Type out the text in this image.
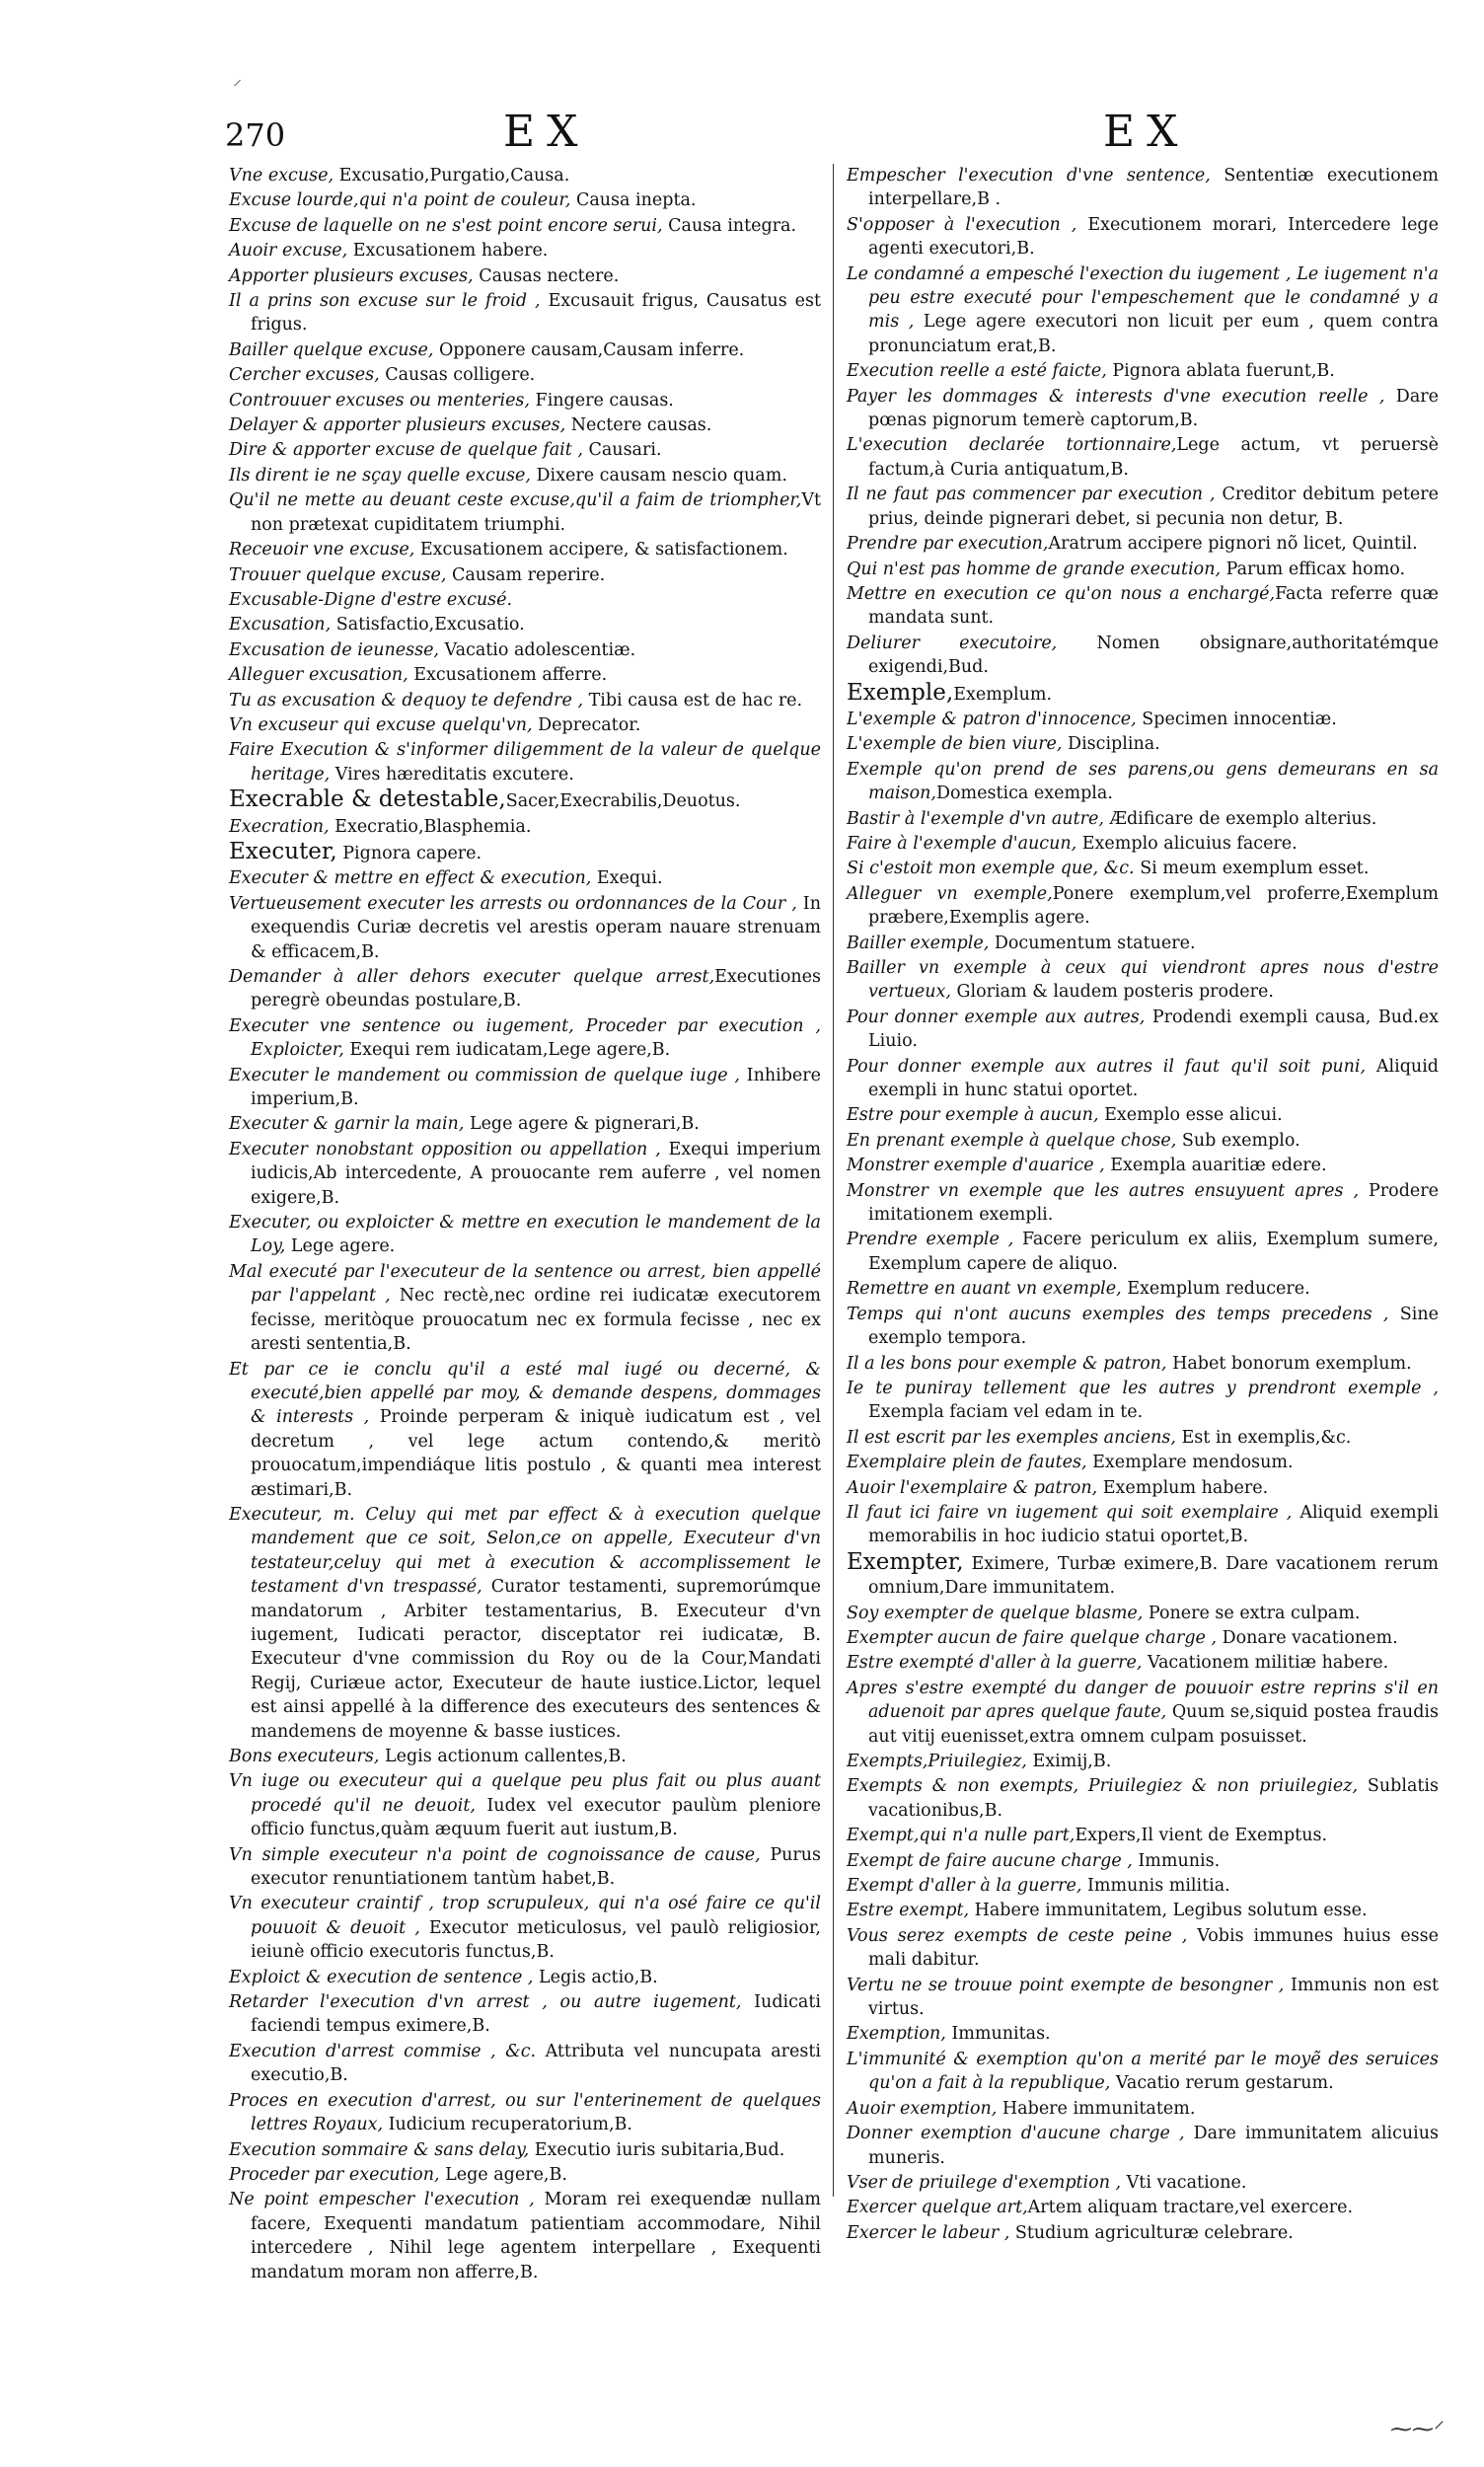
⸝
270	EX	EX
Vne excuse, Excusatio,Purgatio,Causa.
Excuse lourde,qui n'a point de couleur, Causa inepta.
Excuse de laquelle on ne s'est point encore serui, Causa integra.
Auoir excuse, Excusationem habere.
Apporter plusieurs excuses, Causas nectere.
Il a prins son excuse sur le froid , Excusauit frigus, Causatus est frigus.
Bailler quelque excuse, Opponere causam,Causam inferre.
Cercher excuses, Causas colligere.
Controuuer excuses ou menteries, Fingere causas.
Delayer & apporter plusieurs excuses, Nectere causas.
Dire & apporter excuse de quelque fait , Causari.
Ils dirent ie ne sçay quelle excuse, Dixere causam nescio quam.
Qu'il ne mette au deuant ceste excuse,qu'il a faim de triompher,Vt non prætexat cupiditatem triumphi.
Receuoir vne excuse, Excusationem accipere, & satisfactionem.
Trouuer quelque excuse, Causam reperire.
Excusable-Digne d'estre excusé.
Excusation, Satisfactio,Excusatio.
Excusation de ieunesse, Vacatio adolescentiæ.
Alleguer excusation, Excusationem afferre.
Tu as excusation & dequoy te defendre , Tibi causa est de hac re.
Vn excuseur qui excuse quelqu'vn, Deprecator.
Faire Execution & s'informer diligemment de la valeur de quelque heritage, Vires hæreditatis excutere.
Execrable & detestable,Sacer,Execrabilis,Deuotus.
Execration, Execratio,Blasphemia.
Executer, Pignora capere.
Executer & mettre en effect & execution, Exequi.
Vertueusement executer les arrests ou ordonnances de la Cour , In exequendis Curiæ decretis vel arestis operam nauare strenuam & efficacem,B.
Demander à aller dehors executer quelque arrest,Executiones peregrè obeundas postulare,B.
Executer vne sentence ou iugement, Proceder par execution , Exploicter, Exequi rem iudicatam,Lege agere,B.
Executer le mandement ou commission de quelque iuge , Inhibere imperium,B.
Executer & garnir la main, Lege agere & pignerari,B.
Executer nonobstant opposition ou appellation , Exequi imperium iudicis,Ab intercedente, A prouocante rem auferre , vel nomen exigere,B.
Executer, ou exploicter & mettre en execution le mandement de la Loy, Lege agere.
Mal executé par l'executeur de la sentence ou arrest, bien appellé par l'appelant , Nec rectè,nec ordine rei iudicatæ executorem fecisse, meritòque prouocatum nec ex formula fecisse , nec ex aresti sententia,B.
Et par ce ie conclu qu'il a esté mal iugé ou decerné, & executé,bien appellé par moy, & demande despens, dommages & interests , Proinde perperam & iniquè iudicatum est , vel decretum , vel lege actum contendo,& meritò prouocatum,impendiáque litis postulo , & quanti mea interest æstimari,B.
Executeur, m. Celuy qui met par effect & à execution quelque mandement que ce soit, Selon,ce on appelle, Executeur d'vn testateur,celuy qui met à execution & accomplissement le testament d'vn trespassé, Curator testamenti, supremorúmque mandatorum , Arbiter testamentarius, B. Executeur d'vn iugement, Iudicati peractor, disceptator rei iudicatæ, B. Executeur d'vne commission du Roy ou de la Cour,Mandati Regij, Curiæue actor, Executeur de haute iustice.Lictor, lequel est ainsi appellé à la difference des executeurs des sentences & mandemens de moyenne & basse iustices.
Bons executeurs, Legis actionum callentes,B.
Vn iuge ou executeur qui a quelque peu plus fait ou plus auant procedé qu'il ne deuoit, Iudex vel executor paulùm pleniore officio functus,quàm æquum fuerit aut iustum,B.
Vn simple executeur n'a point de cognoissance de cause, Purus executor renuntiationem tantùm habet,B.
Vn executeur craintif , trop scrupuleux, qui n'a osé faire ce qu'il pouuoit & deuoit , Executor meticulosus, vel paulò religiosior, ieiunè officio executoris functus,B.
Exploict & execution de sentence , Legis actio,B.
Retarder l'execution d'vn arrest , ou autre iugement, Iudicati faciendi tempus eximere,B.
Execution d'arrest commise , &c. Attributa vel nuncupata aresti executio,B.
Proces en execution d'arrest, ou sur l'enterinement de quelques lettres Royaux, Iudicium recuperatorium,B.
Execution sommaire & sans delay, Executio iuris subitaria,Bud.
Proceder par execution, Lege agere,B.
Ne point empescher l'execution , Moram rei exequendæ nullam facere, Exequenti mandatum patientiam accommodare, Nihil intercedere , Nihil lege agentem interpellare , Exequenti mandatum moram non afferre,B.
Empescher l'execution d'vne sentence, Sententiæ executionem interpellare,B .
S'opposer à l'execution , Executionem morari, Intercedere lege agenti executori,B.
Le condamné a empesché l'exection du iugement , Le iugement n'a peu estre executé pour l'empeschement que le condamné y a mis , Lege agere executori non licuit per eum , quem contra pronunciatum erat,B.
Execution reelle a esté faicte, Pignora ablata fuerunt,B.
Payer les dommages & interests d'vne execution reelle , Dare pœnas pignorum temerè captorum,B.
L'execution declarée tortionnaire,Lege actum, vt peruersè factum,à Curia antiquatum,B.
Il ne faut pas commencer par execution , Creditor debitum petere prius, deinde pignerari debet, si pecunia non detur, B.
Prendre par execution,Aratrum accipere pignori nõ licet, Quintil.
Qui n'est pas homme de grande execution, Parum efficax homo.
Mettre en execution ce qu'on nous a enchargé,Facta referre quæ mandata sunt.
Deliurer executoire, Nomen obsignare,authoritatémque exigendi,Bud.
Exemple,Exemplum.
L'exemple & patron d'innocence, Specimen innocentiæ.
L'exemple de bien viure, Disciplina.
Exemple qu'on prend de ses parens,ou gens demeurans en sa maison,Domestica exempla.
Bastir à l'exemple d'vn autre, Ædificare de exemplo alterius.
Faire à l'exemple d'aucun, Exemplo alicuius facere.
Si c'estoit mon exemple que, &c. Si meum exemplum esset.
Alleguer vn exemple,Ponere exemplum,vel proferre,Exemplum præbere,Exemplis agere.
Bailler exemple, Documentum statuere.
Bailler vn exemple à ceux qui viendront apres nous d'estre vertueux, Gloriam & laudem posteris prodere.
Pour donner exemple aux autres, Prodendi exempli causa, Bud.ex Liuio.
Pour donner exemple aux autres il faut qu'il soit puni, Aliquid exempli in hunc statui oportet.
Estre pour exemple à aucun, Exemplo esse alicui.
En prenant exemple à quelque chose, Sub exemplo.
Monstrer exemple d'auarice , Exempla auaritiæ edere.
Monstrer vn exemple que les autres ensuyuent apres , Prodere imitationem exempli.
Prendre exemple , Facere periculum ex aliis, Exemplum sumere, Exemplum capere de aliquo.
Remettre en auant vn exemple, Exemplum reducere.
Temps qui n'ont aucuns exemples des temps precedens , Sine exemplo tempora.
Il a les bons pour exemple & patron, Habet bonorum exemplum.
Ie te puniray tellement que les autres y prendront exemple , Exempla faciam vel edam in te.
Il est escrit par les exemples anciens, Est in exemplis,&c.
Exemplaire plein de fautes, Exemplare mendosum.
Auoir l'exemplaire & patron, Exemplum habere.
Il faut ici faire vn iugement qui soit exemplaire , Aliquid exempli memorabilis in hoc iudicio statui oportet,B.
Exempter, Eximere, Turbæ eximere,B. Dare vacationem rerum omnium,Dare immunitatem.
Soy exempter de quelque blasme, Ponere se extra culpam.
Exempter aucun de faire quelque charge , Donare vacationem.
Estre exempté d'aller à la guerre, Vacationem militiæ habere.
Apres s'estre exempté du danger de pouuoir estre reprins s'il en aduenoit par apres quelque faute, Quum se,siquid postea fraudis aut vitij euenisset,extra omnem culpam posuisset.
Exempts,Priuilegiez, Eximij,B.
Exempts & non exempts, Priuilegiez & non priuilegiez, Sublatis vacationibus,B.
Exempt,qui n'a nulle part,Expers,Il vient de Exemptus.
Exempt de faire aucune charge , Immunis.
Exempt d'aller à la guerre, Immunis militia.
Estre exempt, Habere immunitatem, Legibus solutum esse.
Vous serez exempts de ceste peine , Vobis immunes huius esse mali dabitur.
Vertu ne se trouue point exempte de besongner , Immunis non est virtus.
Exemption, Immunitas.
L'immunité & exemption qu'on a merité par le moyẽ des seruices qu'on a fait à la republique, Vacatio rerum gestarum.
Auoir exemption, Habere immunitatem.
Donner exemption d'aucune charge , Dare immunitatem alicuius muneris.
Vser de priuilege d'exemption , Vti vacatione.
Exercer quelque art,Artem aliquam tractare,vel exercere.
Exercer le labeur , Studium agriculturæ celebrare.
⁓⁓⸍
